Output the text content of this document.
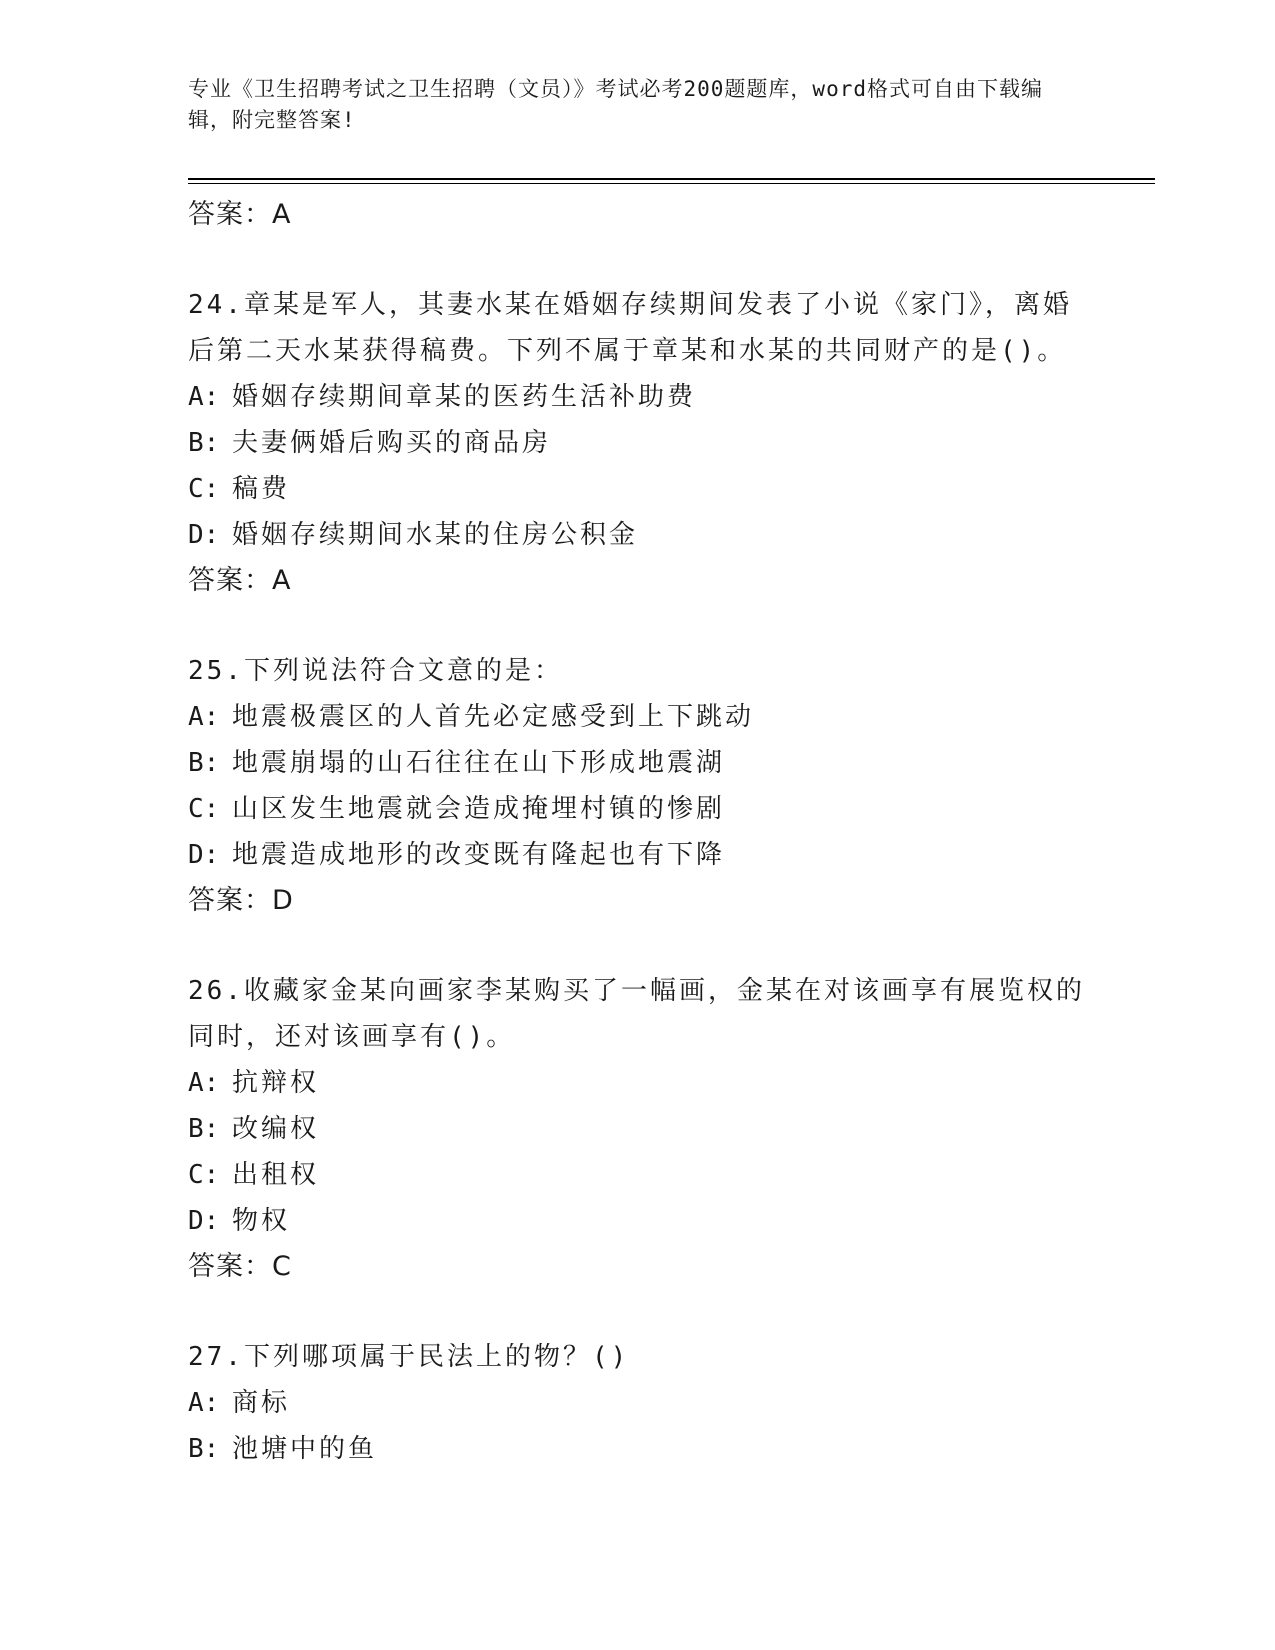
专业《卫生招聘考试之卫生招聘（文员）》考试必考200题题库，word格式可自由下载编辑，附完整答案!
答案：A
24.章某是军人，其妻水某在婚姻存续期间发表了小说《家门》，离婚后第二天水某获得稿费。下列不属于章某和水某的共同财产的是()。
A: 婚姻存续期间章某的医药生活补助费
B: 夫妻俩婚后购买的商品房
C: 稿费
D: 婚姻存续期间水某的住房公积金
答案：A
25.下列说法符合文意的是：
A: 地震极震区的人首先必定感受到上下跳动
B: 地震崩塌的山石往往在山下形成地震湖
C: 山区发生地震就会造成掩埋村镇的惨剧
D: 地震造成地形的改变既有隆起也有下降
答案：D
26.收藏家金某向画家李某购买了一幅画，金某在对该画享有展览权的同时，还对该画享有()。
A: 抗辩权
B: 改编权
C: 出租权
D: 物权
答案：C
27.下列哪项属于民法上的物？()
A: 商标
B: 池塘中的鱼
